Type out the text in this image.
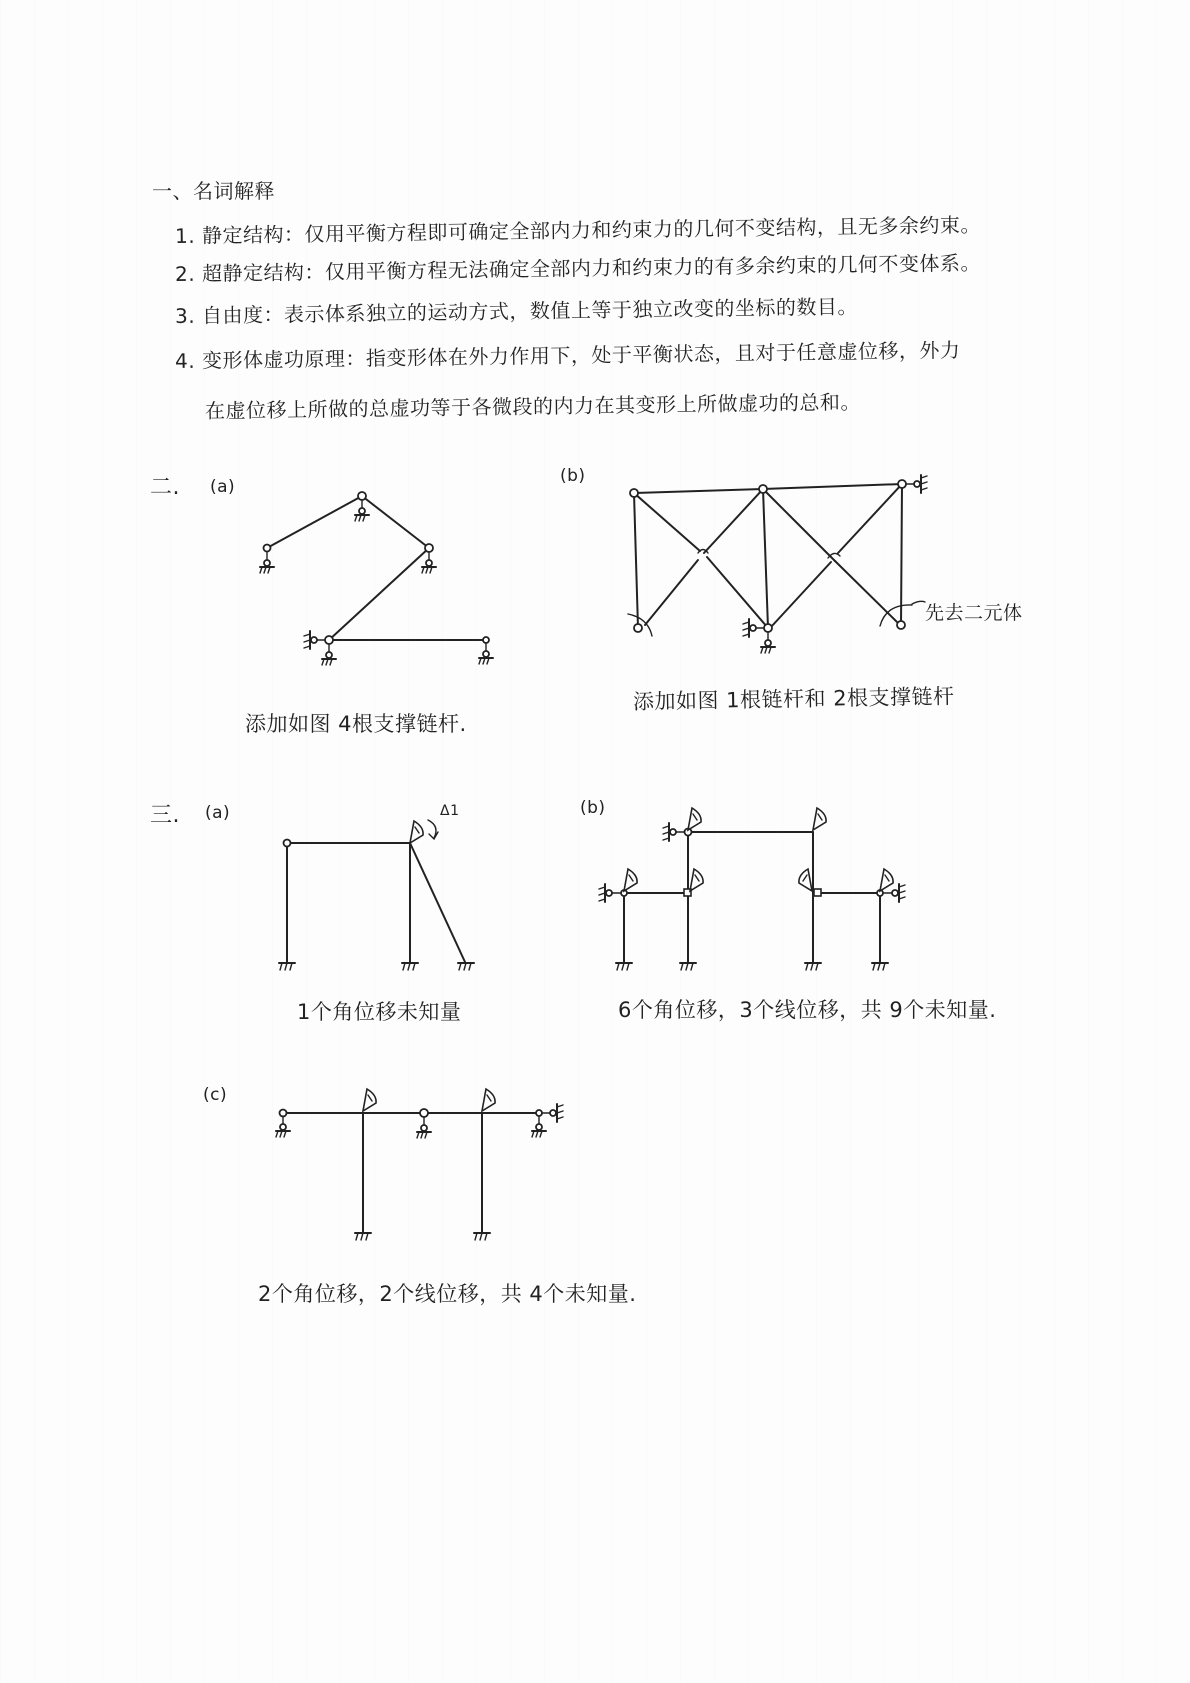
一、名词解释
1. 静定结构：仅用平衡方程即可确定全部内力和约束力的几何不变结构，且无多余约束。
2. 超静定结构：仅用平衡方程无法确定全部内力和约束力的有多余约束的几何不变体系。
3. 自由度：表示体系独立的运动方式，数值上等于独立改变的坐标的数目。
4. 变形体虚功原理：指变形体在外力作用下，处于平衡状态，且对于任意虚位移，外力
在虚位移上所做的总虚功等于各微段的内力在其变形上所做虚功的总和。
二. (a)
(b)
先去二元体
添加如图 4根支撑链杆.
添加如图 1根链杆和 2根支撑链杆
三. (a)	Δ1	(b)
1个角位移未知量	6个角位移，3个线位移，共 9个未知量.
(c)
2个角位移，2个线位移，共 4个未知量.
